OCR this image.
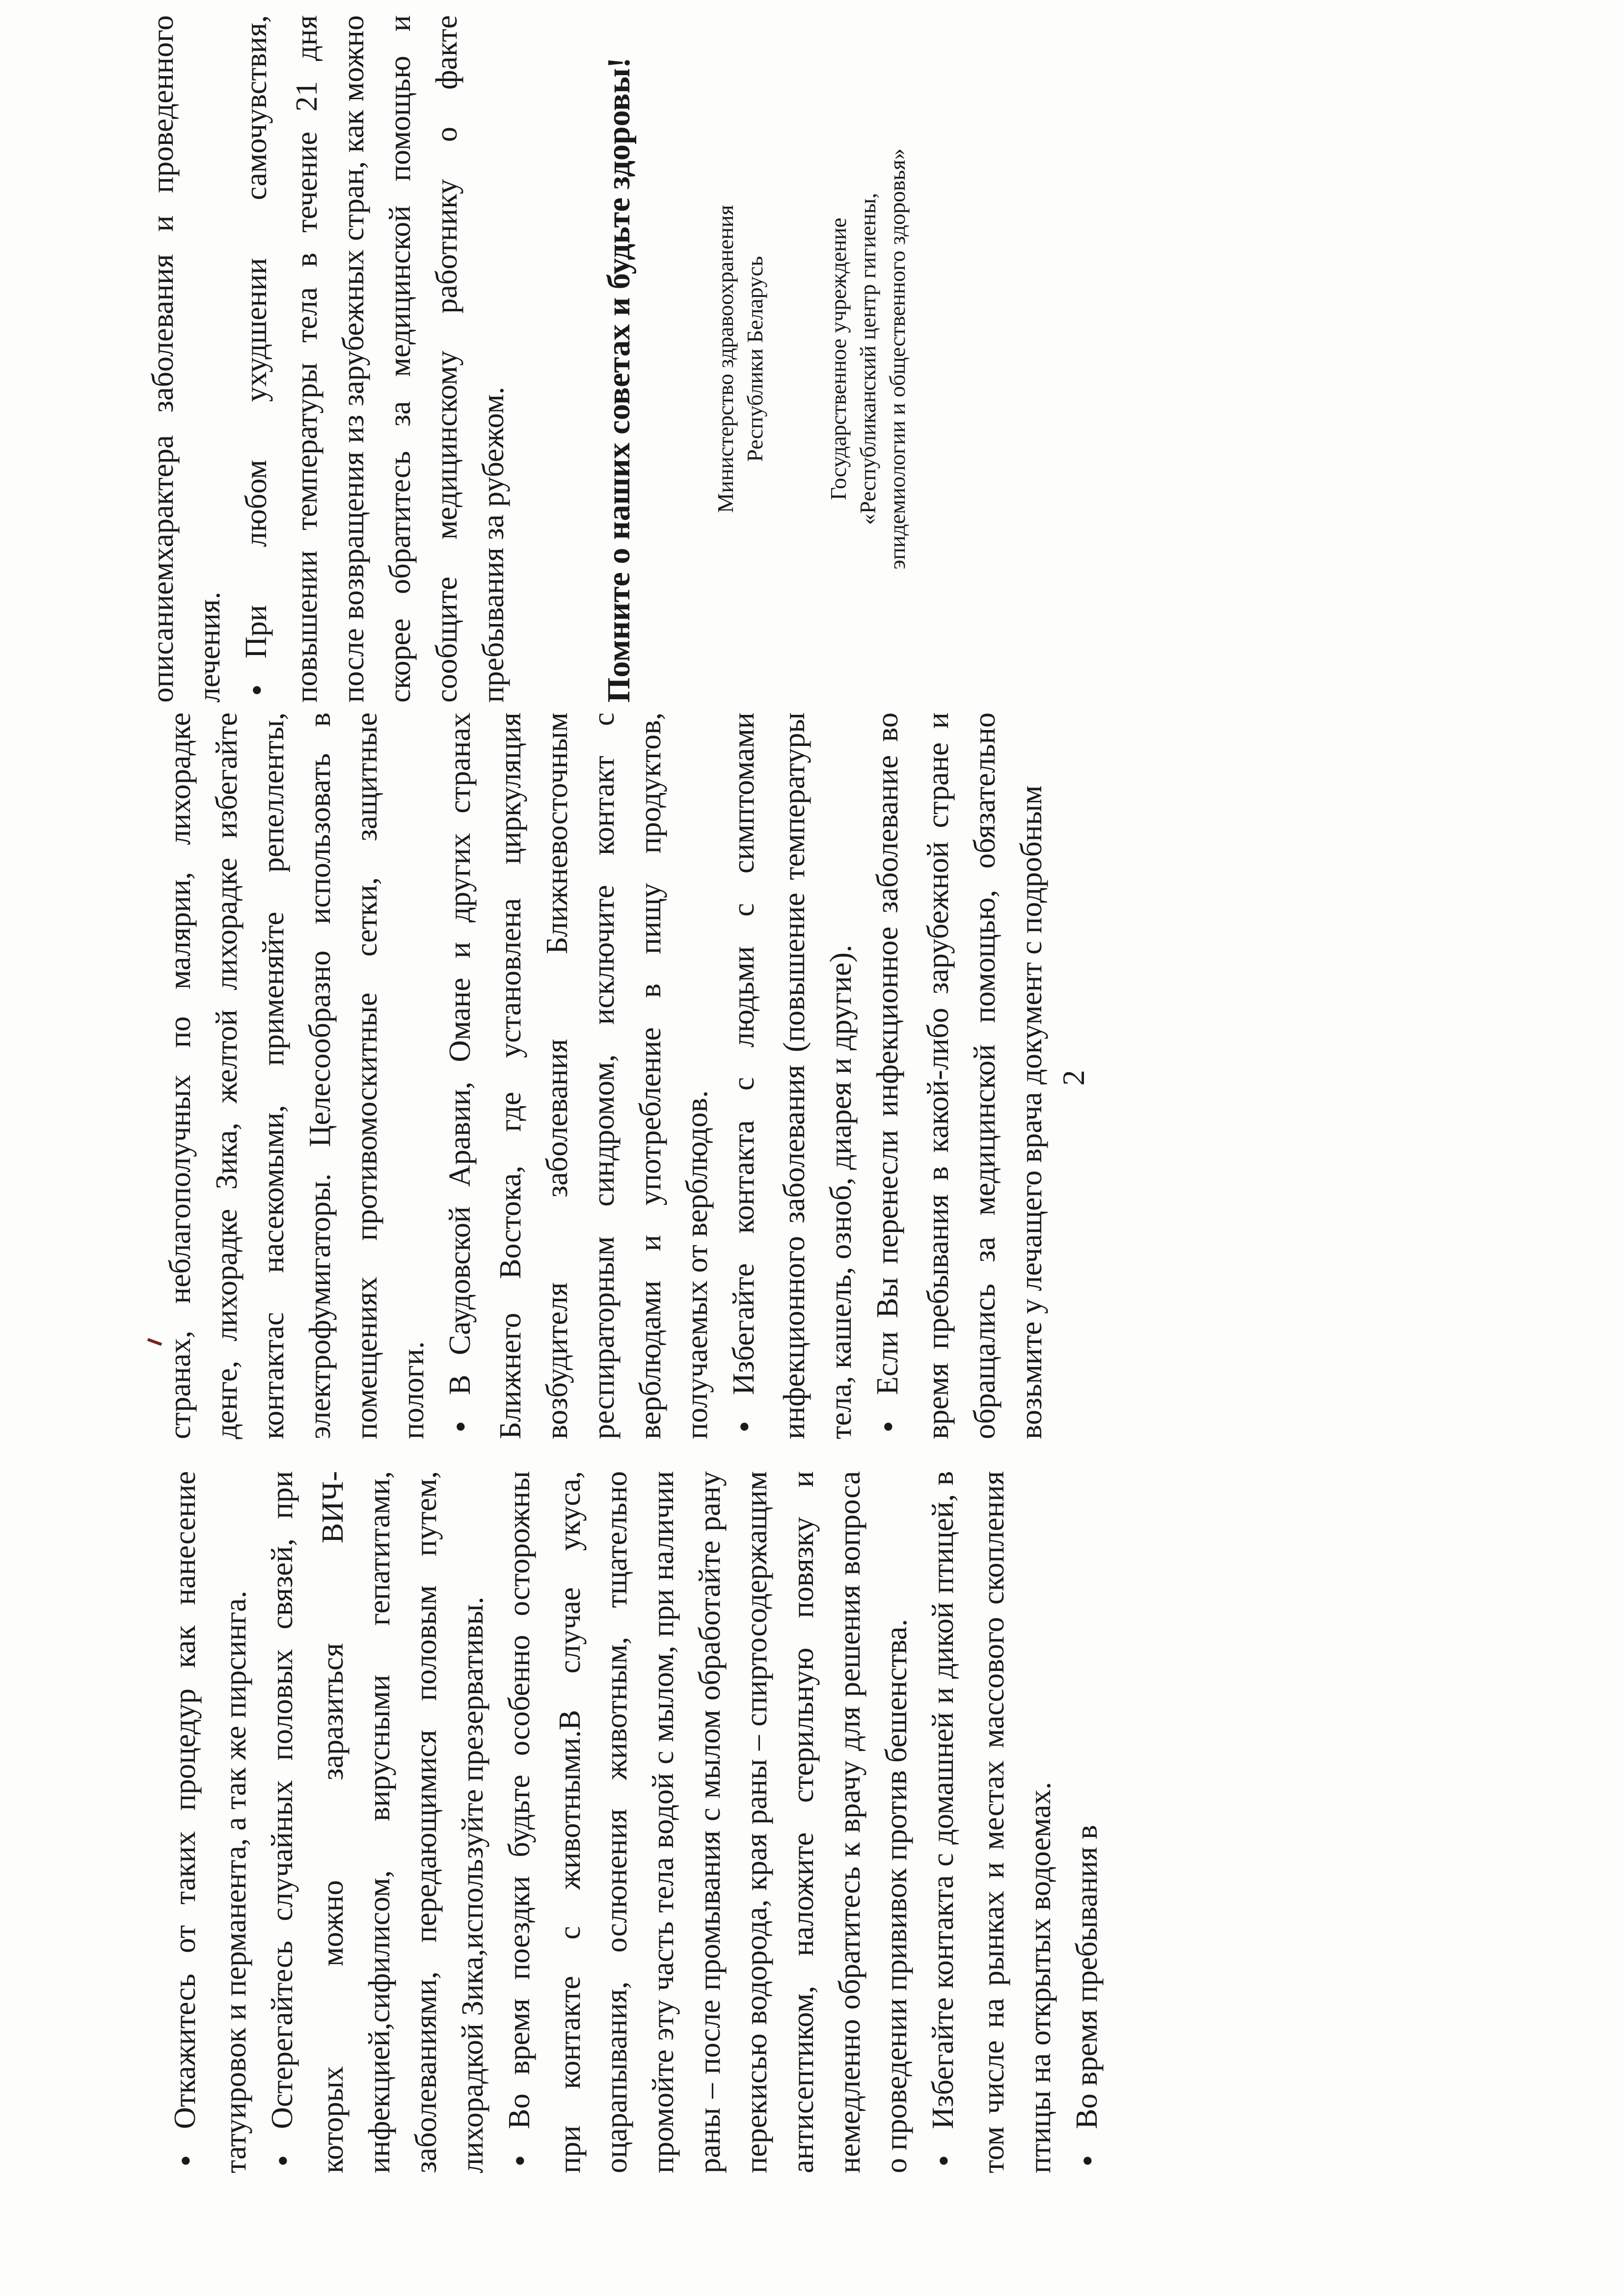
●Откажитесь от таких процедур как нанесение татуировок и перманента, а так же пирсинга.

● Остерегайтесь случайных половых связей, при которых можно заразиться ВИЧ-инфекцией,сифилисом, вирусными гепатитами, заболеваниями, передающимися половым путем, лихорадкой Зика,используйте презервативы.

● Во время поездки будьте особенно осторожны при контакте с животными.В случае укуса, оцарапывания, ослюнения животным, тщательно промойте эту часть тела водой с мылом, при наличии раны – после промывания с мылом обработайте рану перекисью водорода, края раны – спиртосодержащим антисептиком, наложите стерильную повязку и немедленно обратитесь к врачу для решения вопроса о проведении прививок против бешенства.

● Избегайте контакта с домашней и дикой птицей, в том числе на рынках и местах массового скопления птицы на открытых водоемах.

● Во время пребывания в

2

странах, неблагополучных по малярии, лихорадке денге, лихорадке Зика, желтой лихорадке избегайте контактас насекомыми, применяйте репелленты, электрофумигаторы. Целесообразно использовать в помещениях противомоскитные сетки, защитные пологи.

● В Саудовской Аравии, Омане и других странах Ближнего Востока, где установлена циркуляция возбудителя заболевания Ближневосточным респираторным синдромом, исключите контакт с верблюдами и употребление в пищу продуктов, получаемых от верблюдов.

● Избегайте контакта с людьми с симптомами инфекционного заболевания (повышение температуры тела, кашель, озноб, диарея и другие).

● Если Вы перенесли инфекционное заболевание во время пребывания в какой-либо зарубежной стране и обращались за медицинской помощью, обязательно возьмите у лечащего врача документ с подробным

описаниемхарактера заболевания и проведенного лечения.

● При любом ухудшении самочувствия, повышении температуры тела в течение 21 дня после возвращения из зарубежных стран, как можно скорее обратитесь за медицинской помощью и сообщите медицинскому работнику о факте пребывания за рубежом.	Помните о наших советах и будьте здоровы!	Министерство здравоохранения Республики Беларусь	Государственное учреждение «Республиканский центр гигиены, эпидемиологии и общественного здоровья»
